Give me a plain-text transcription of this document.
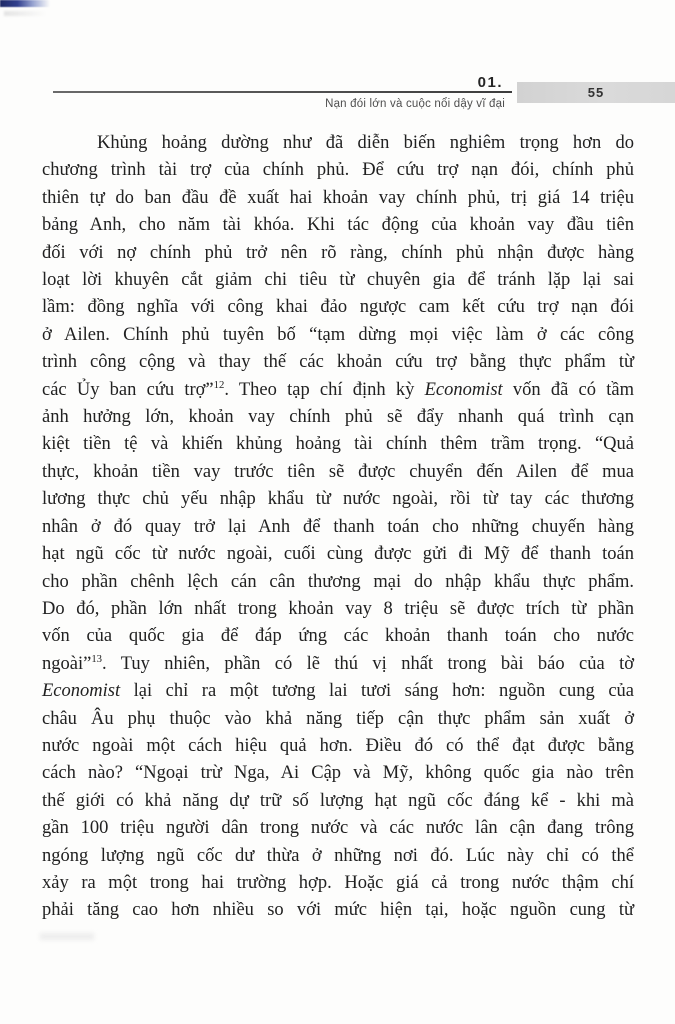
01.
55
Nạn đói lớn và cuộc nổi dậy vĩ đại
Khủng hoảng dường như đã diễn biến nghiêm trọng hơn do
chương trình tài trợ của chính phủ. Để cứu trợ nạn đói, chính phủ
thiên tự do ban đầu đề xuất hai khoản vay chính phủ, trị giá 14 triệu
bảng Anh, cho năm tài khóa. Khi tác động của khoản vay đầu tiên
đối với nợ chính phủ trở nên rõ ràng, chính phủ nhận được hàng
loạt lời khuyên cắt giảm chi tiêu từ chuyên gia để tránh lặp lại sai
lầm: đồng nghĩa với công khai đảo ngược cam kết cứu trợ nạn đói
ở Ailen. Chính phủ tuyên bố “tạm dừng mọi việc làm ở các công
trình công cộng và thay thế các khoản cứu trợ bằng thực phẩm từ
các Ủy ban cứu trợ”$^{12}$. Theo tạp chí định kỳ Economist vốn đã có tầm
ảnh hưởng lớn, khoản vay chính phủ sẽ đẩy nhanh quá trình cạn
kiệt tiền tệ và khiến khủng hoảng tài chính thêm trầm trọng. “Quả
thực, khoản tiền vay trước tiên sẽ được chuyển đến Ailen để mua
lương thực chủ yếu nhập khẩu từ nước ngoài, rồi từ tay các thương
nhân ở đó quay trở lại Anh để thanh toán cho những chuyến hàng
hạt ngũ cốc từ nước ngoài, cuối cùng được gửi đi Mỹ để thanh toán
cho phần chênh lệch cán cân thương mại do nhập khẩu thực phẩm.
Do đó, phần lớn nhất trong khoản vay 8 triệu sẽ được trích từ phần
vốn của quốc gia để đáp ứng các khoản thanh toán cho nước
ngoài”$^{13}$. Tuy nhiên, phần có lẽ thú vị nhất trong bài báo của tờ
Economist lại chỉ ra một tương lai tươi sáng hơn: nguồn cung của
châu Âu phụ thuộc vào khả năng tiếp cận thực phẩm sản xuất ở
nước ngoài một cách hiệu quả hơn. Điều đó có thể đạt được bằng
cách nào? “Ngoại trừ Nga, Ai Cập và Mỹ, không quốc gia nào trên
thế giới có khả năng dự trữ số lượng hạt ngũ cốc đáng kể - khi mà
gần 100 triệu người dân trong nước và các nước lân cận đang trông
ngóng lượng ngũ cốc dư thừa ở những nơi đó. Lúc này chỉ có thể
xảy ra một trong hai trường hợp. Hoặc giá cả trong nước thậm chí
phải tăng cao hơn nhiều so với mức hiện tại, hoặc nguồn cung từ
